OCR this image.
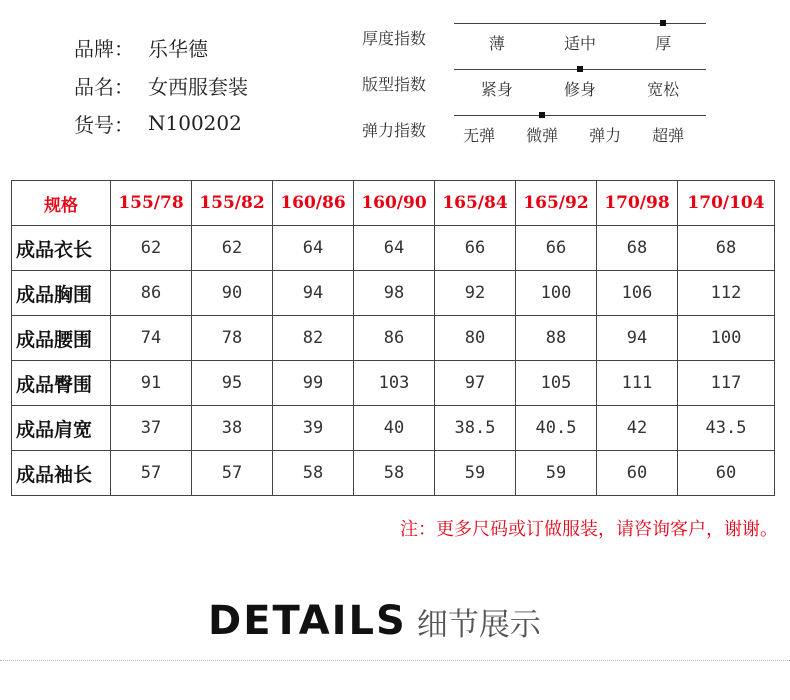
品牌： 乐华德
品名： 女西服套装
货号： N100202
厚度指数	薄	适中	厚
版型指数	紧身	修身	宽松
弹力指数 无弹 微弹 弹力 超弹
规格	155/78	155/82	160/86	160/90	165/84	165/92	170/98	170/104
成品衣长	62	62	64	64	66	66	68	68
成品胸围	86	90	94	98	92	100	106	112
成品腰围	74	78	82	86	80	88	94	100
成品臀围	91	95	99	103	97	105	111	117
成品肩宽	37	38	39	40	38.5	40.5	42	43.5
成品袖长	57	57	58	58	59	59	60	60
注：更多尺码或订做服装，请咨询客户，谢谢。
DETAILS 细节展示
